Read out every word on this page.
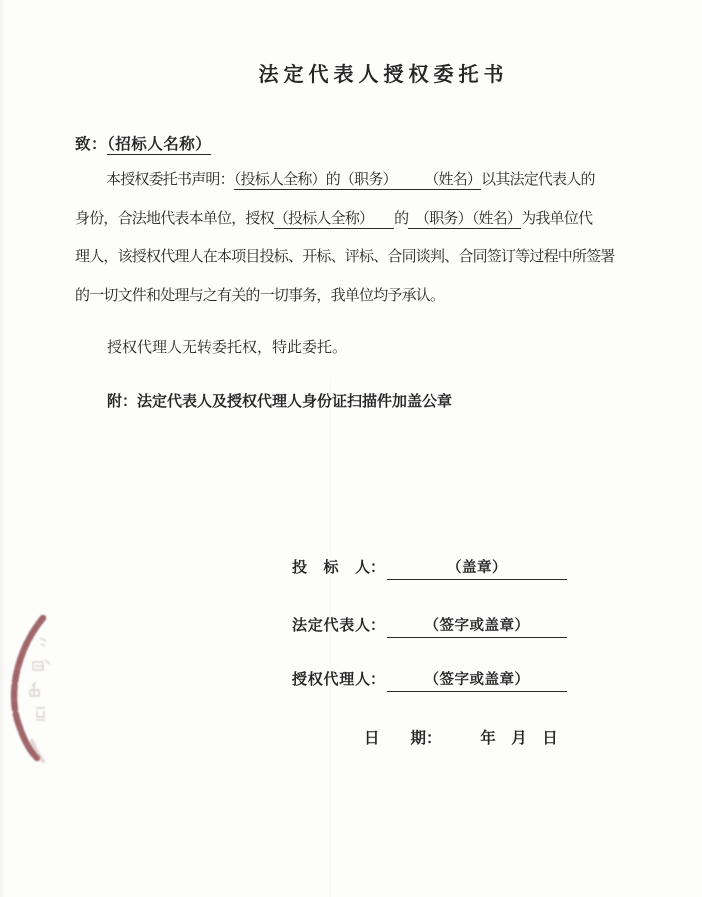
法定代表人授权委托书
致：（招标人名称）
本授权委托书声明：（投标人全称）的（职务）　　　（姓名）以其法定代表人的
身份，合法地代表本单位，授权（投标人全称）　　的　（职务）（姓名）为我单位代
理人，该授权代理人在本项目投标、开标、评标、合同谈判、合同签订等过程中所签署
的一切文件和处理与之有关的一切事务，我单位均予承认。
授权代理人无转委托权，特此委托。
附：法定代表人及授权代理人身份证扫描件加盖公章
投标人：	（盖章）
法定代表人：	（签字或盖章）
授权代理人：	（签字或盖章）
日　　期：　　　年　月　日
